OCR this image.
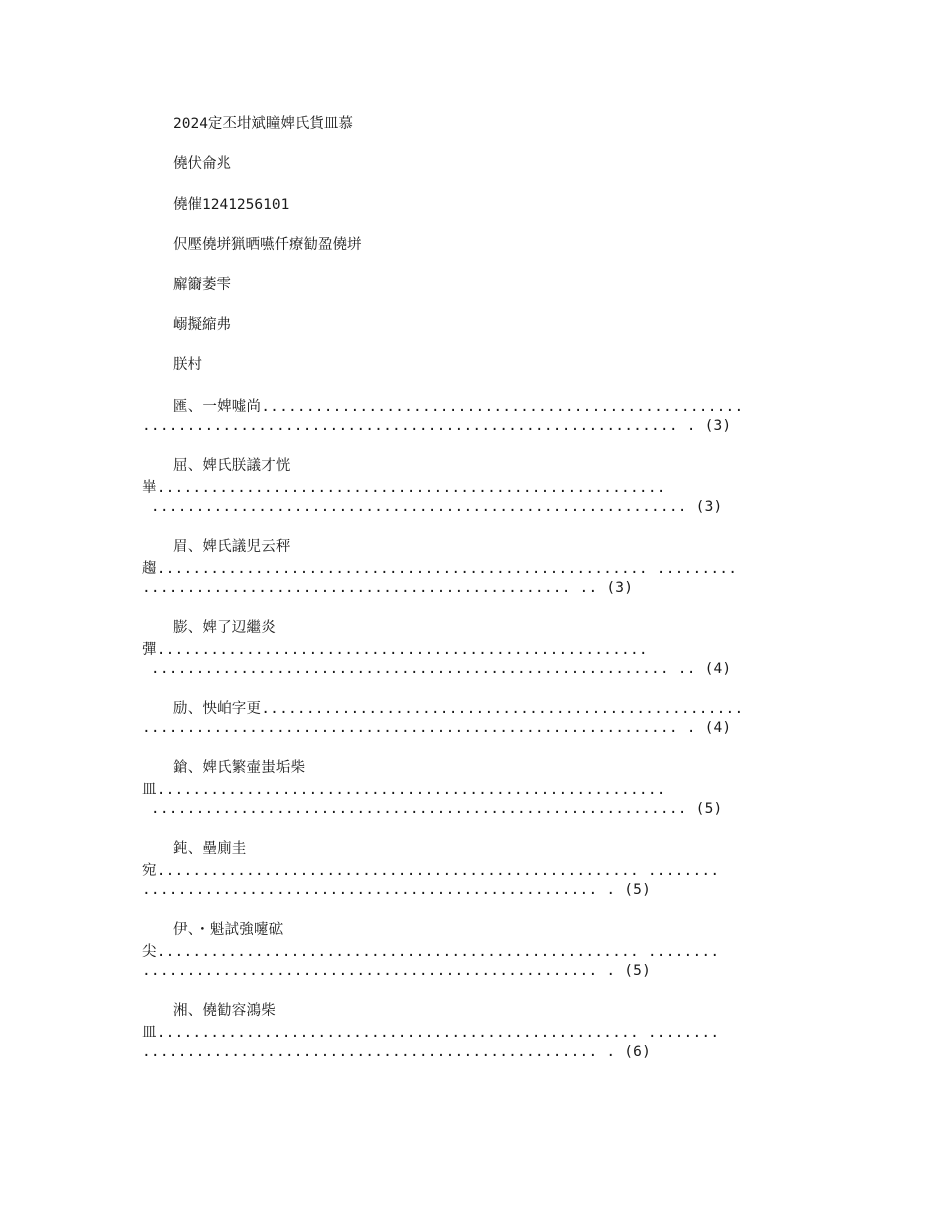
2024定丕坩斌瞳婢氏貨皿慕
僥伏侖兆
僥催1241256101
伬壓僥垪猟晒嚥仟療勧盈僥垪
廨籋萎雫
嵶擬縮弗
朕村
匯、一婢嘘尚......................................................
............................................................ . (3)
屈、婢氏朕議才恍
崋.........................................................
............................................................ (3)
眉、婢氏議児云秤
趨....................................................... .........
................................................ .. (3)
膨、婢了辺繼炎
彈.......................................................
.......................................................... .. (4)
励、怏岶字更......................................................
............................................................ . (4)
鎗、婢氏繁壷蚩垢柴
皿.........................................................
............................................................ (5)
鈍、壘廁圭
宛...................................................... ........
................................................... . (5)
伊、・魁試強嚔砿
尖...................................................... ........
................................................... . (5)
湘、僥勧容鴻柴
皿...................................................... ........
................................................... . (6)
